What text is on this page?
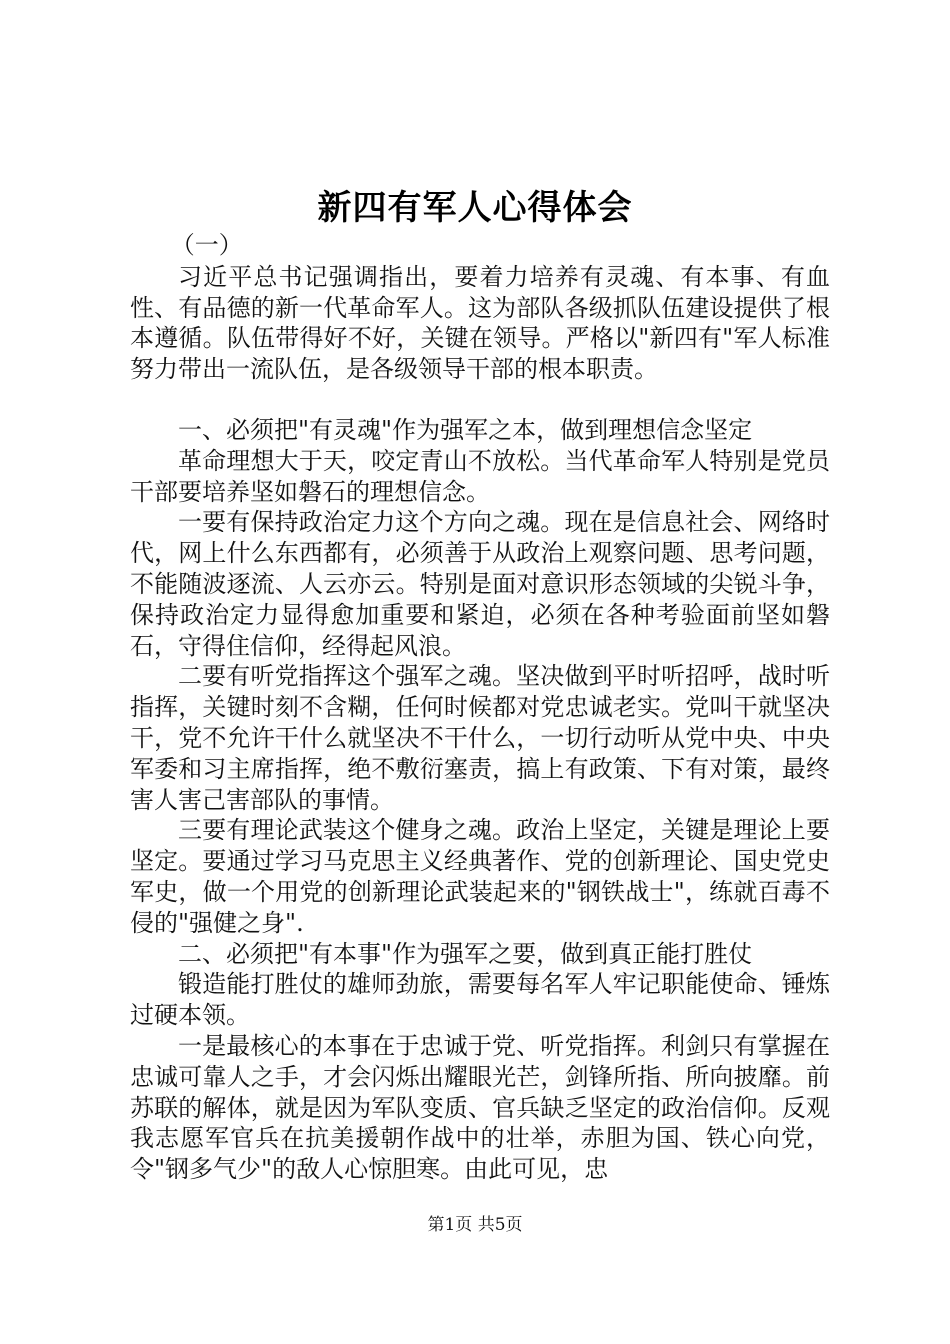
新四有军人心得体会

（一）

习近平总书记强调指出，要着力培养有灵魂、有本事、有血性、有品德的新一代革命军人。这为部队各级抓队伍建设提供了根本遵循。队伍带得好不好，关键在领导。严格以"新四有"军人标准努力带出一流队伍，是各级领导干部的根本职责。

一、必须把"有灵魂"作为强军之本，做到理想信念坚定

革命理想大于天，咬定青山不放松。当代革命军人特别是党员干部要培养坚如磐石的理想信念。

一要有保持政治定力这个方向之魂。现在是信息社会、网络时代，网上什么东西都有，必须善于从政治上观察问题、思考问题，不能随波逐流、人云亦云。特别是面对意识形态领域的尖锐斗争，保持政治定力显得愈加重要和紧迫，必须在各种考验面前坚如磐石，守得住信仰，经得起风浪。

二要有听党指挥这个强军之魂。坚决做到平时听招呼，战时听指挥，关键时刻不含糊，任何时候都对党忠诚老实。党叫干就坚决干，党不允许干什么就坚决不干什么，一切行动听从党中央、中央军委和习主席指挥，绝不敷衍塞责，搞上有政策、下有对策，最终害人害己害部队的事情。

三要有理论武装这个健身之魂。政治上坚定，关键是理论上要坚定。要通过学习马克思主义经典著作、党的创新理论、国史党史军史，做一个用党的创新理论武装起来的"钢铁战士"，练就百毒不侵的"强健之身".

二、必须把"有本事"作为强军之要，做到真正能打胜仗

锻造能打胜仗的雄师劲旅，需要每名军人牢记职能使命、锤炼过硬本领。

一是最核心的本事在于忠诚于党、听党指挥。利剑只有掌握在忠诚可靠人之手，才会闪烁出耀眼光芒，剑锋所指、所向披靡。前苏联的解体，就是因为军队变质、官兵缺乏坚定的政治信仰。反观我志愿军官兵在抗美援朝作战中的壮举，赤胆为国、铁心向党，令"钢多气少"的敌人心惊胆寒。由此可见，忠

第1页 共5页
